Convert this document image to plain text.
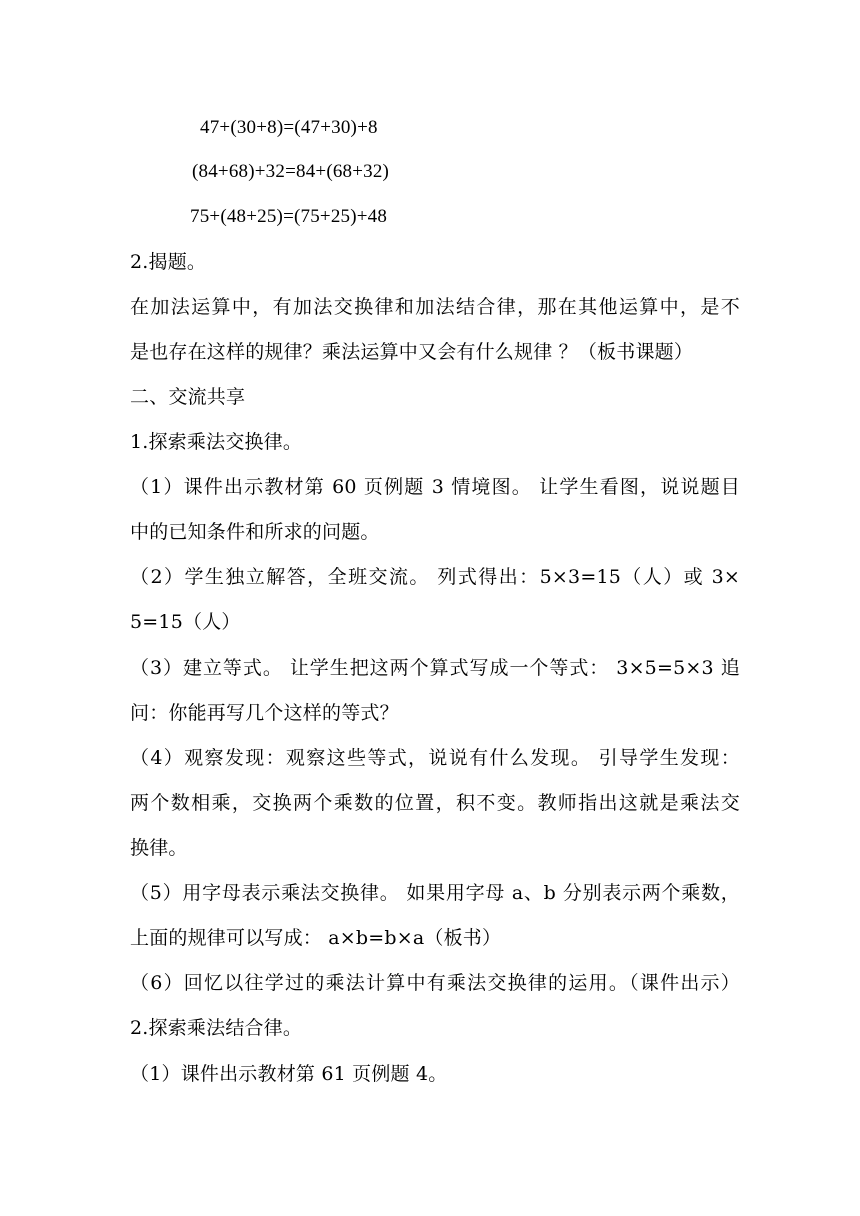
47+(30+8)=(47+30)+8
(84+68)+32=84+(68+32)
75+(48+25)=(75+25)+48
2.揭题。
在加法运算中，有加法交换律和加法结合律，那在其他运算中，是不
是也存在这样的规律？乘法运算中又会有什么规律 ？（板书课题）
二、交流共享
1.探索乘法交换律。
（1）课件出示教材第 60 页例题 3 情境图。 让学生看图，说说题目
中的已知条件和所求的问题。
（2）学生独立解答，全班交流。 列式得出：5×3=15（人）或 3×
5=15（人）
（3）建立等式。 让学生把这两个算式写成一个等式： 3×5=5×3 追
问：你能再写几个这样的等式？
（4）观察发现：观察这些等式，说说有什么发现。 引导学生发现：
两个数相乘，交换两个乘数的位置，积不变。教师指出这就是乘法交
换律。
（5）用字母表示乘法交换律。 如果用字母 a、b 分别表示两个乘数，
上面的规律可以写成： a×b=b×a（板书）
（6）回忆以往学过的乘法计算中有乘法交换律的运用。（课件出示）
2.探索乘法结合律。
（1）课件出示教材第 61 页例题 4。
